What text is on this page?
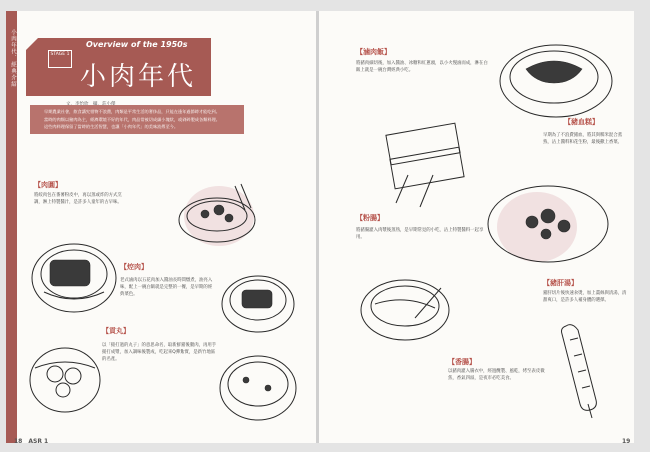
小肉年代．經典介紹	Overview of the 1950s
STAGE 1
小肉年代

早期農業社會，飲食講究惜物不浪費，肉類是平常生活的奢侈品，只能在逢年過節時才能吃到。

當時的肉類以豬肉為主，經濟環境不好的年代，肉品常被切成細小塊狀，或剁碎製成各類料理。

這些肉料理保留了當時的生活智慧，也讓「小肉年代」的美味流傳至今。

【肉圓】
將絞肉包在番薯粉皮中，再以蒸或炸的方式烹調，淋上特製醬汁，是許多人童年的古早味。
【焢肉】
老式滷肉以五花肉加入醬油長時間燉煮，油亮入味，配上一碗白飯就是完整的一餐，是早期的經典菜色。
【貢丸】
以「搥打過的丸子」的意思命名，取新鮮豬後腿肉，再用手搥打成漿，加入調味後製成，吃起來Q彈紮實，是新竹地區的名產。
【滷肉飯】
將豬肉細切後，加入醬油、冰糖和紅蔥頭，以小火慢滷而成，淋在白飯上就是一碗台灣經典小吃。
【豬血糕】
早期為了不浪費豬血，將其與糯米混合蒸熟，沾上醬料和花生粉，最後撒上香菜。
【粉腸】
將豬腸灌入肉漿後蒸熟，是早期常見的小吃，沾上特製醬料一起享用。
【豬肝湯】
豬肝切片後快速汆燙，加上薑絲與清湯，清甜爽口，是許多人補身體的選擇。
【香腸】
以豬肉灌入腸衣中，經過醃製、風乾，烤至表皮微焦，香氣四溢，是夜市必吃美食。
18　ASR 1	19
